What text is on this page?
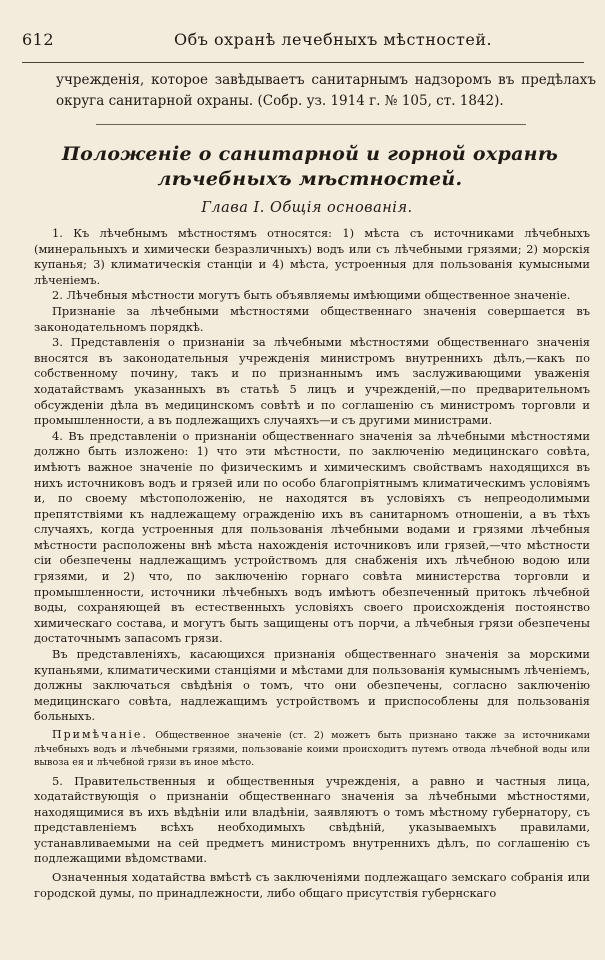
612	Объ охранѣ лечебныхъ мѣстностей.
учрежденія, которое завѣдываетъ санитарнымъ надзоромъ въ предѣлахъ округа санитарной охраны. (Собр. уз. 1914 г. № 105, ст. 1842).
Положеніе о санитарной и горной охранѣ лѣчебныхъ мѣстностей.
Глава I. Общія основанія.

1. Къ лѣчебнымъ мѣстностямъ относятся: 1) мѣста съ источниками лѣчебныхъ (минеральныхъ и химически безразличныхъ) водъ или съ лѣчебными грязями; 2) морскія купанья; 3) климатическія станціи и 4) мѣста, устроенныя для пользованія кумысными лѣченіемъ.

2. Лѣчебныя мѣстности могутъ быть объявляемы имѣющими общественное значеніе.

Признаніе за лѣчебными мѣстностями общественнаго значенія совершается въ законодательномъ порядкѣ.

3. Представленія о признаніи за лѣчебными мѣстностями общественнаго значенія вносятся въ законодательныя учрежденія министромъ внутреннихъ дѣлъ,—какъ по собственному почину, такъ и по признаннымъ имъ заслуживающими уваженія ходатайствамъ указанныхъ въ статьѣ 5 лицъ и учрежденій,—по предварительномъ обсужденіи дѣла въ медицинскомъ совѣтѣ и по соглашенію съ министромъ торговли и промышленности, а въ подлежащихъ случаяхъ—и съ другими министрами.

4. Въ представленіи о признаніи общественнаго значенія за лѣчебными мѣстностями должно быть изложено: 1) что эти мѣстности, по заключенію медицинскаго совѣта, имѣютъ важное значеніе по физическимъ и химическимъ свойствамъ находящихся въ нихъ источниковъ водъ и грязей или по особо благопріятнымъ климатическимъ условіямъ и, по своему мѣстоположенію, не находятся въ условіяхъ съ непреодолимыми препятствіями къ надлежащему огражденію ихъ въ санитарномъ отношеніи, а въ тѣхъ случаяхъ, когда устроенныя для пользованія лѣчебными водами и грязями лѣчебныя мѣстности расположены внѣ мѣста нахожденія источниковъ или грязей,—что мѣстности сіи обезпечены надлежащимъ устройствомъ для снабженія ихъ лѣчебною водою или грязями, и 2) что, по заключенію горнаго совѣта министерства торговли и промышленности, источники лѣчебныхъ водъ имѣютъ обезпеченный притокъ лѣчебной воды, сохраняющей въ естественныхъ условіяхъ своего происхожденія постоянство химическаго состава, и могутъ быть защищены отъ порчи, а лѣчебныя грязи обезпечены достаточнымъ запасомъ грязи.

Въ представленіяхъ, касающихся признанія общественнаго значенія за морскими купаньями, климатическими станціями и мѣстами для пользованія кумыснымъ лѣченіемъ, должны заключаться свѣдѣнія о томъ, что они обезпечены, согласно заключенію медицинскаго совѣта, надлежащимъ устройствомъ и приспособлены для пользованія больныхъ.

Примѣчаніе. Общественное значеніе (ст. 2) можетъ быть признано также за источниками лѣчебныхъ водъ и лѣчебными грязями, пользованіе коими происходитъ путемъ отвода лѣчебной воды или вывоза ея и лѣчебной грязи въ иное мѣсто.

5. Правительственныя и общественныя учрежденія, а равно и частныя лица, ходатайствующія о признаніи общественнаго значенія за лѣчебными мѣстностями, находящимися въ ихъ вѣдѣніи или владѣніи, заявляютъ о томъ мѣстному губернатору, съ представленіемъ всѣхъ необходимыхъ свѣдѣній, указываемыхъ правилами, устанавливаемыми на сей предметъ министромъ внутреннихъ дѣлъ, по соглашенію съ подлежащими вѣдомствами.

Означенныя ходатайства вмѣстѣ съ заключеніями подлежащаго земскаго собранія или городской думы, по принадлежности, либо общаго присутствія губернскаго
